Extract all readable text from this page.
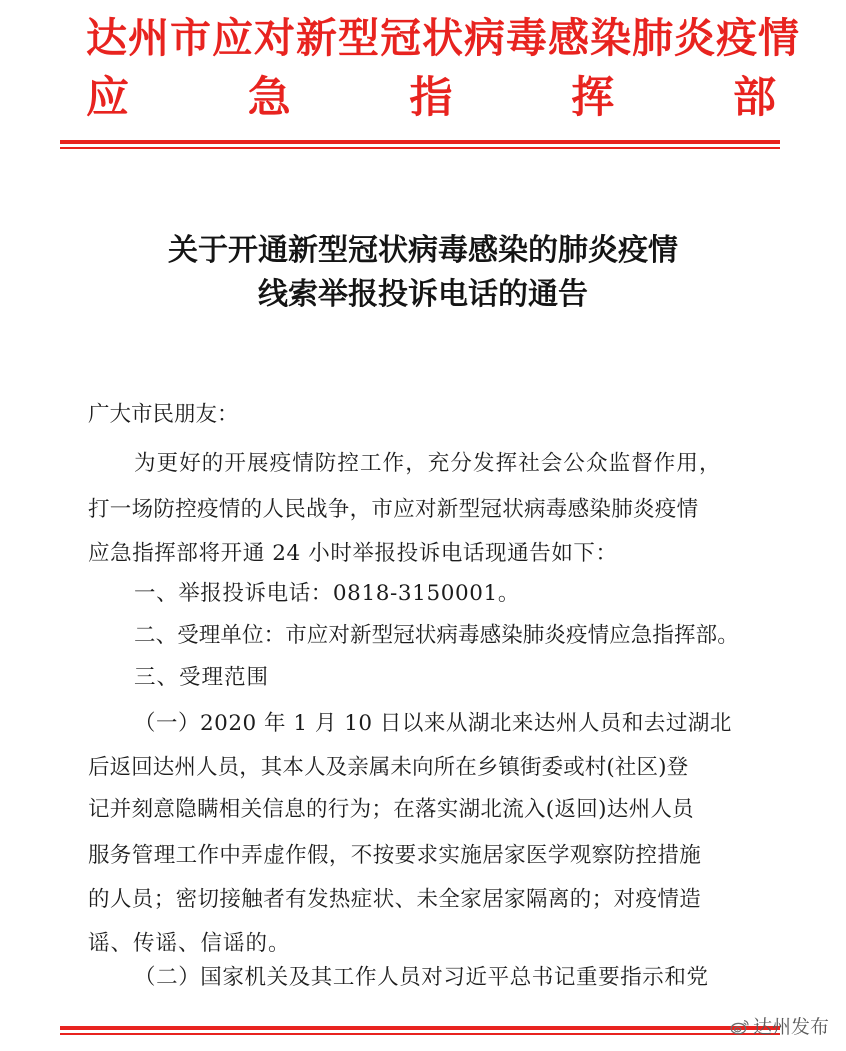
达州市应对新型冠状病毒感染肺炎疫情
应	急	指	挥	部
关于开通新型冠状病毒感染的肺炎疫情
线索举报投诉电话的通告
广大市民朋友：
为更好的开展疫情防控工作，充分发挥社会公众监督作用，
打一场防控疫情的人民战争，市应对新型冠状病毒感染肺炎疫情
应急指挥部将开通 24 小时举报投诉电话现通告如下：
一、举报投诉电话：0818-3150001。
二、受理单位：市应对新型冠状病毒感染肺炎疫情应急指挥部。
三、受理范围
（一）2020 年 1 月 10 日以来从湖北来达州人员和去过湖北
后返回达州人员，其本人及亲属未向所在乡镇街委或村(社区)登
记并刻意隐瞒相关信息的行为；在落实湖北流入(返回)达州人员
服务管理工作中弄虚作假，不按要求实施居家医学观察防控措施
的人员；密切接触者有发热症状、未全家居家隔离的；对疫情造
谣、传谣、信谣的。
（二）国家机关及其工作人员对习近平总书记重要指示和党
达州发布
